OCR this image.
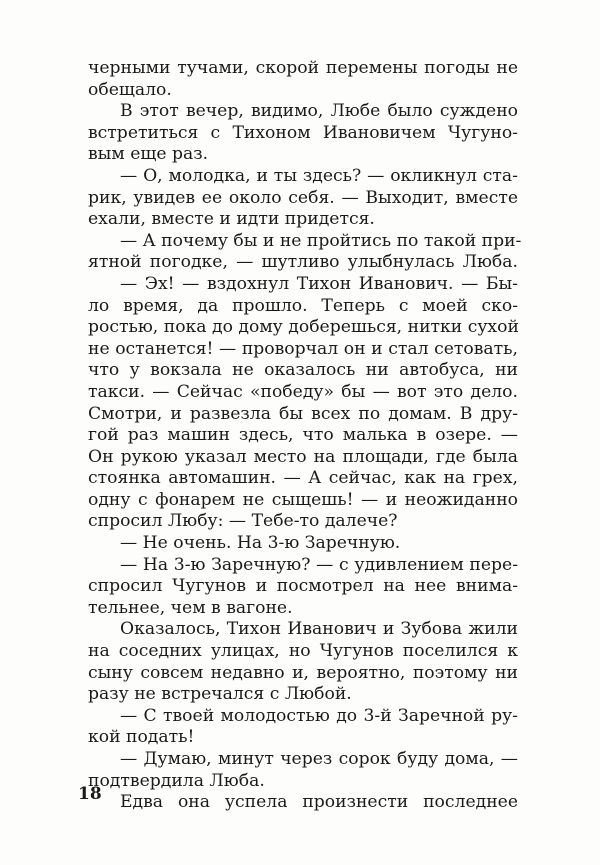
черными тучами, скорой перемены погоды не
обещало.
В этот вечер, видимо, Любе было суждено
встретиться с Тихоном Ивановичем Чугуно-
вым еще раз.
— О, молодка, и ты здесь? — окликнул ста-
рик, увидев ее около себя. — Выходит, вместе
ехали, вместе и идти придется.
— А почему бы и не пройтись по такой при-
ятной погодке, — шутливо улыбнулась Люба.
— Эх! — вздохнул Тихон Иванович. — Бы-
ло время, да прошло. Теперь с моей ско-
ростью, пока до дому доберешься, нитки сухой
не останется! — проворчал он и стал сетовать,
что у вокзала не оказалось ни автобуса, ни
такси. — Сейчас «победу» бы — вот это дело.
Смотри, и развезла бы всех по домам. В дру-
гой раз машин здесь, что малька в озере. —
Он рукою указал место на площади, где была
стоянка автомашин. — А сейчас, как на грех,
одну с фонарем не сыщешь! — и неожиданно
спросил Любу: — Тебе-то далече?
— Не очень. На 3-ю Заречную.
— На 3-ю Заречную? — с удивлением пере-
спросил Чугунов и посмотрел на нее внима-
тельнее, чем в вагоне.
Оказалось, Тихон Иванович и Зубова жили
на соседних улицах, но Чугунов поселился к
сыну совсем недавно и, вероятно, поэтому ни
разу не встречался с Любой.
— С твоей молодостью до 3-й Заречной ру-
кой подать!
— Думаю, минут через сорок буду дома, —
подтвердила Люба.
Едва она успела произнести последнее
18
